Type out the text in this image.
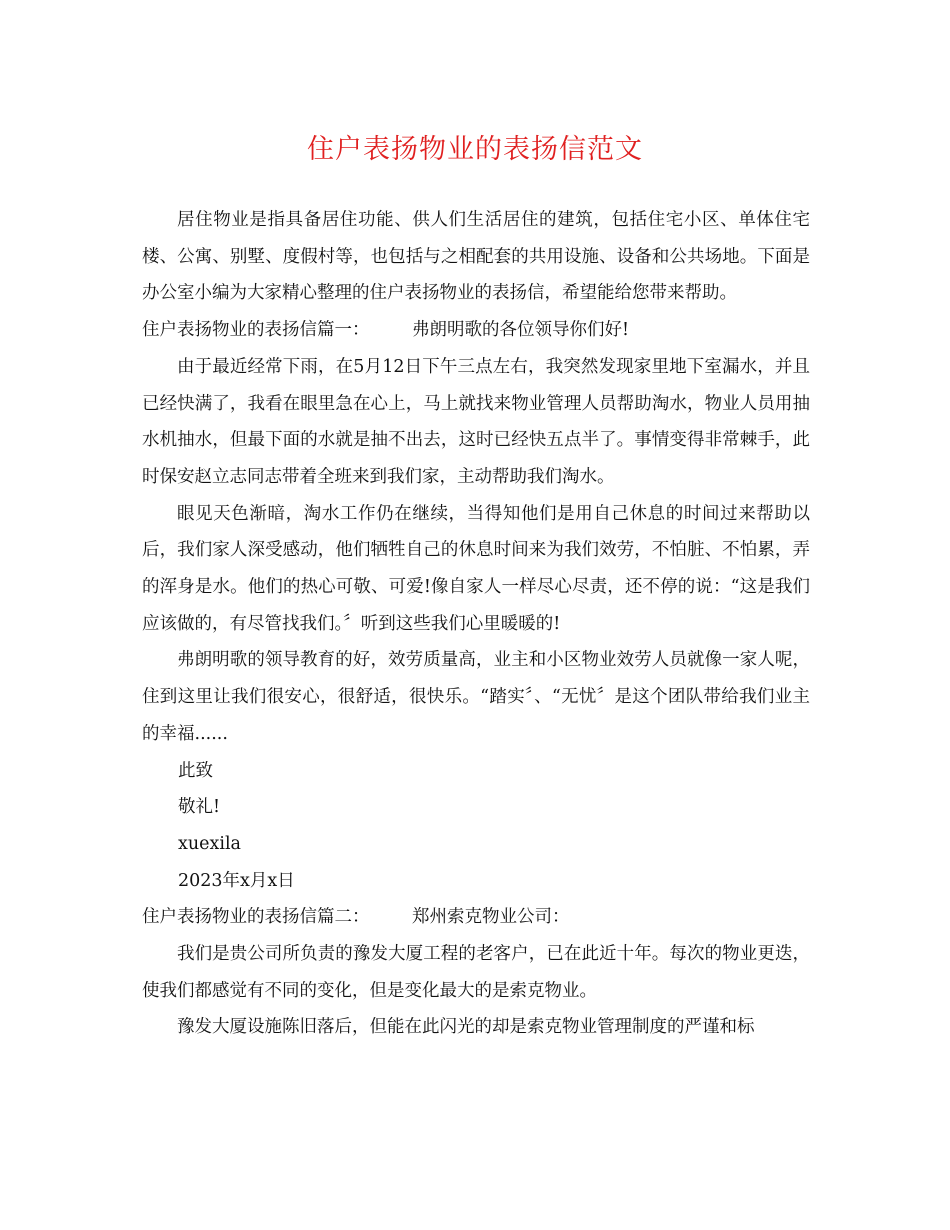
住户表扬物业的表扬信范文

居住物业是指具备居住功能、供人们生活居住的建筑，包括住宅小区、单体住宅楼、公寓、别墅、度假村等，也包括与之相配套的共用设施、设备和公共场地。下面是办公室小编为大家精心整理的住户表扬物业的表扬信，希望能给您带来帮助。

住户表扬物业的表扬信篇一： 弗朗明歌的各位领导你们好!

由于最近经常下雨，在5月12日下午三点左右，我突然发现家里地下室漏水，并且已经快满了，我看在眼里急在心上，马上就找来物业管理人员帮助淘水，物业人员用抽水机抽水，但最下面的水就是抽不出去，这时已经快五点半了。事情变得非常棘手，此时保安赵立志同志带着全班来到我们家，主动帮助我们淘水。

眼见天色渐暗，淘水工作仍在继续，当得知他们是用自己休息的时间过来帮助以后，我们家人深受感动，他们牺牲自己的休息时间来为我们效劳，不怕脏、不怕累，弄的浑身是水。他们的热心可敬、可爱!像自家人一样尽心尽责，还不停的说：“这是我们应该做的，有尽管找我们。〞听到这些我们心里暖暖的!

弗朗明歌的领导教育的好，效劳质量高，业主和小区物业效劳人员就像一家人呢，住到这里让我们很安心，很舒适，很快乐。“踏实〞、“无忧〞是这个团队带给我们业主的幸福......

此致

敬礼!

xuexila

2023年x月x日

住户表扬物业的表扬信篇二： 郑州索克物业公司：

我们是贵公司所负责的豫发大厦工程的老客户，已在此近十年。每次的物业更迭，使我们都感觉有不同的变化，但是变化最大的是索克物业。

豫发大厦设施陈旧落后，但能在此闪光的却是索克物业管理制度的严谨和标
